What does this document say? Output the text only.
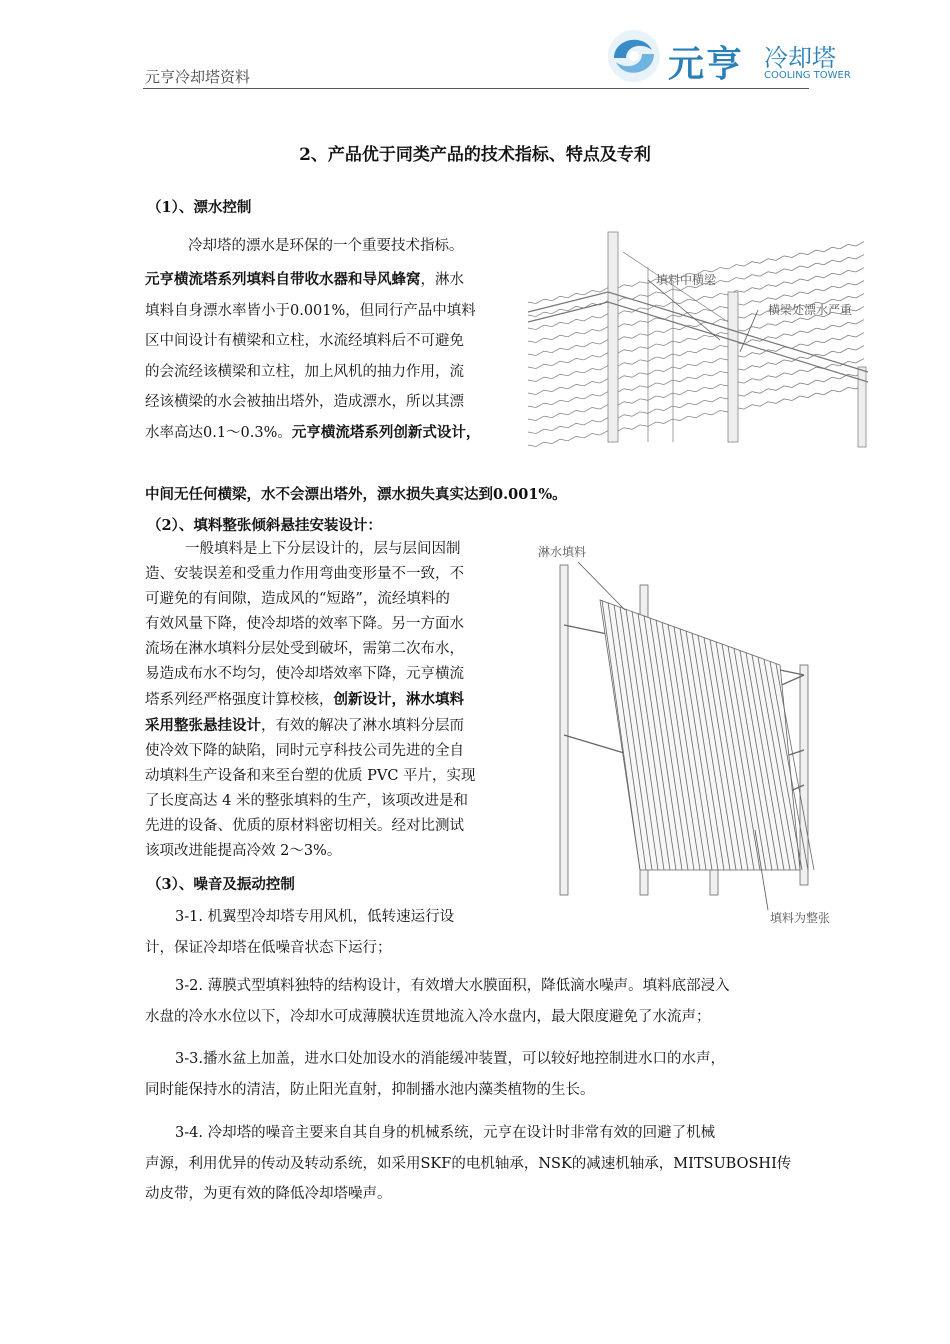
元亨冷却塔资料	元亨 冷却塔
COOLING TOWER
2、产品优于同类产品的技术指标、特点及专利
（1）、漂水控制
冷却塔的漂水是环保的一个重要技术指标。
元亨横流塔系列填料自带收水器和导风蜂窝，淋水
填料自身漂水率皆小于0.001%，但同行产品中填料
区中间设计有横梁和立柱，水流经填料后不可避免
的会流经该横梁和立柱，加上风机的抽力作用，流
经该横梁的水会被抽出塔外，造成漂水，所以其漂
水率高达0.1～0.3%。元亨横流塔系列创新式设计，
中间无任何横梁，水不会漂出塔外，漂水损失真实达到0.001%。
填料中横梁
横梁处漂水严重
（2）、填料整张倾斜悬挂安装设计：
一般填料是上下分层设计的，层与层间因制
造、安装误差和受重力作用弯曲变形量不一致，不
可避免的有间隙，造成风的“短路”，流经填料的
有效风量下降，使冷却塔的效率下降。另一方面水
流场在淋水填料分层处受到破坏，需第二次布水，
易造成布水不均匀，使冷却塔效率下降，元亨横流
塔系列经严格强度计算校核，创新设计，淋水填料
采用整张悬挂设计，有效的解决了淋水填料分层而
使冷效下降的缺陷，同时元亨科技公司先进的全自
动填料生产设备和来至台塑的优质 PVC 平片，实现
了长度高达 4 米的整张填料的生产，该项改进是和
先进的设备、优质的原材料密切相关。经对比测试
该项改进能提高冷效 2～3%。
淋水填料
填料为整张
（3）、噪音及振动控制
3-1. 机翼型冷却塔专用风机，低转速运行设
计，保证冷却塔在低噪音状态下运行；
3-2. 薄膜式型填料独特的结构设计，有效增大水膜面积，降低滴水噪声。填料底部浸入
水盘的冷水水位以下，冷却水可成薄膜状连贯地流入冷水盘内，最大限度避免了水流声；
3-3.播水盆上加盖，进水口处加设水的消能缓冲装置，可以较好地控制进水口的水声，
同时能保持水的清洁，防止阳光直射，抑制播水池内藻类植物的生长。
3-4. 冷却塔的噪音主要来自其自身的机械系统，元亨在设计时非常有效的回避了机械
声源，利用优异的传动及转动系统，如采用SKF的电机轴承，NSK的减速机轴承，MITSUBOSHI传
动皮带，为更有效的降低冷却塔噪声。
